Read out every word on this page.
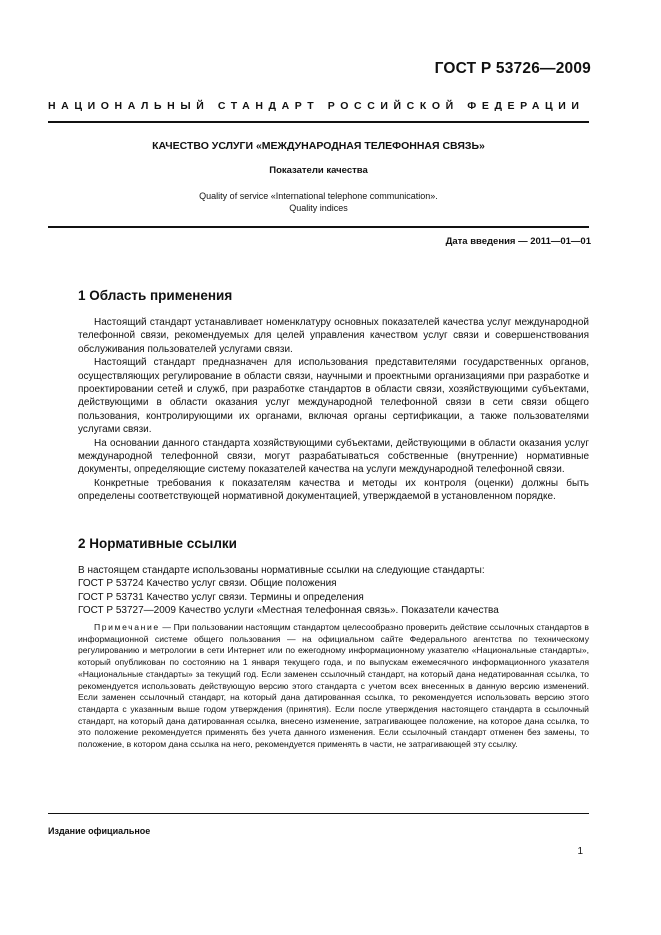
ГОСТ Р 53726—2009
НАЦИОНАЛЬНЫЙ СТАНДАРТ РОССИЙСКОЙ ФЕДЕРАЦИИ
КАЧЕСТВО УСЛУГИ «МЕЖДУНАРОДНАЯ ТЕЛЕФОННАЯ СВЯЗЬ»
Показатели качества
Quality of service «International telephone communication».
Quality indices
Дата введения — 2011—01—01
1 Область применения

Настоящий стандарт устанавливает номенклатуру основных показателей качества услуг международной телефонной связи, рекомендуемых для целей управления качеством услуг связи и совершенствования обслуживания пользователей услугами связи.

Настоящий стандарт предназначен для использования представителями государственных органов, осуществляющих регулирование в области связи, научными и проектными организациями при разработке и проектировании сетей и служб, при разработке стандартов в области связи, хозяйствующими субъектами, действующими в области оказания услуг международной телефонной связи в сети связи общего пользования, контролирующими их органами, включая органы сертификации, а также пользователями услугами связи.

На основании данного стандарта хозяйствующими субъектами, действующими в области оказания услуг международной телефонной связи, могут разрабатываться собственные (внутренние) нормативные документы, определяющие систему показателей качества на услуги международной телефонной связи.

Конкретные требования к показателям качества и методы их контроля (оценки) должны быть определены соответствующей нормативной документацией, утверждаемой в установленном порядке.

2 Нормативные ссылки

В настоящем стандарте использованы нормативные ссылки на следующие стандарты:

ГОСТ Р 53724 Качество услуг связи. Общие положения

ГОСТ Р 53731 Качество услуг связи. Термины и определения

ГОСТ Р 53727—2009 Качество услуги «Местная телефонная связь». Показатели качества

Примечание — При пользовании настоящим стандартом целесообразно проверить действие ссылочных стандартов в информационной системе общего пользования — на официальном сайте Федерального агентства по техническому регулированию и метрологии в сети Интернет или по ежегодному информационному указателю «Национальные стандарты», который опубликован по состоянию на 1 января текущего года, и по выпускам ежемесячного информационного указателя «Национальные стандарты» за текущий год. Если заменен ссылочный стандарт, на который дана недатированная ссылка, то рекомендуется использовать действующую версию этого стандарта с учетом всех внесенных в данную версию изменений. Если заменен ссылочный стандарт, на который дана датированная ссылка, то рекомендуется использовать версию этого стандарта с указанным выше годом утверждения (принятия). Если после утверждения настоящего стандарта в ссылочный стандарт, на который дана датированная ссылка, внесено изменение, затрагивающее положение, на которое дана ссылка, то это положение рекомендуется применять без учета данного изменения. Если ссылочный стандарт отменен без замены, то положение, в котором дана ссылка на него, рекомендуется применять в части, не затрагивающей эту ссылку.

Издание официальное
1
